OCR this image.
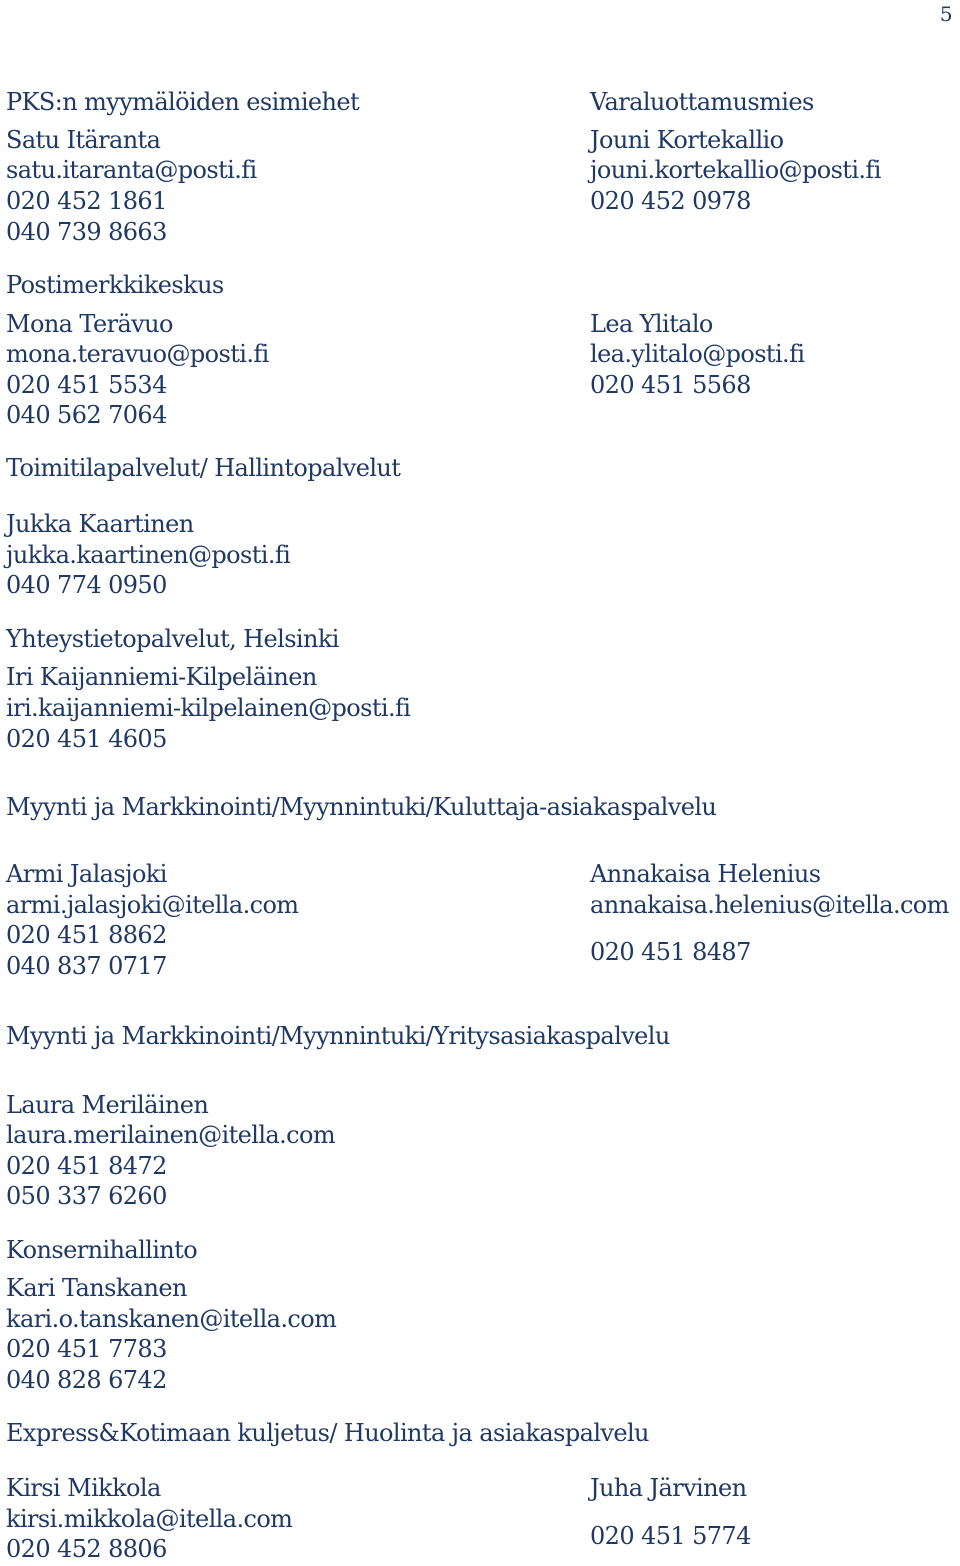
5
PKS:n myymälöiden esimiehet
Satu Itäranta
satu.itaranta@posti.fi
020 452 1861
040 739 8663
Postimerkkikeskus
Mona Terävuo
mona.teravuo@posti.fi
020 451 5534
040 562 7064
Toimitilapalvelut/ Hallintopalvelut
Jukka Kaartinen
jukka.kaartinen@posti.fi
040 774 0950
Yhteystietopalvelut, Helsinki
Iri Kaijanniemi-Kilpeläinen
iri.kaijanniemi-kilpelainen@posti.fi
020 451 4605
Myynti ja Markkinointi/Myynnintuki/Kuluttaja-asiakaspalvelu
Armi Jalasjoki
armi.jalasjoki@itella.com
020 451 8862
040 837 0717
Myynti ja Markkinointi/Myynnintuki/Yritysasiakaspalvelu
Laura Meriläinen
laura.merilainen@itella.com
020 451 8472
050 337 6260
Konsernihallinto
Kari Tanskanen
kari.o.tanskanen@itella.com
020 451 7783
040 828 6742
Express&Kotimaan kuljetus/ Huolinta ja asiakaspalvelu
Kirsi Mikkola
kirsi.mikkola@itella.com
020 452 8806
Varaluottamusmies
Jouni Kortekallio
jouni.kortekallio@posti.fi
020 452 0978
Lea Ylitalo
lea.ylitalo@posti.fi
020 451 5568
Annakaisa Helenius
annakaisa.helenius@itella.com
020 451 8487
Juha Järvinen
020 451 5774
